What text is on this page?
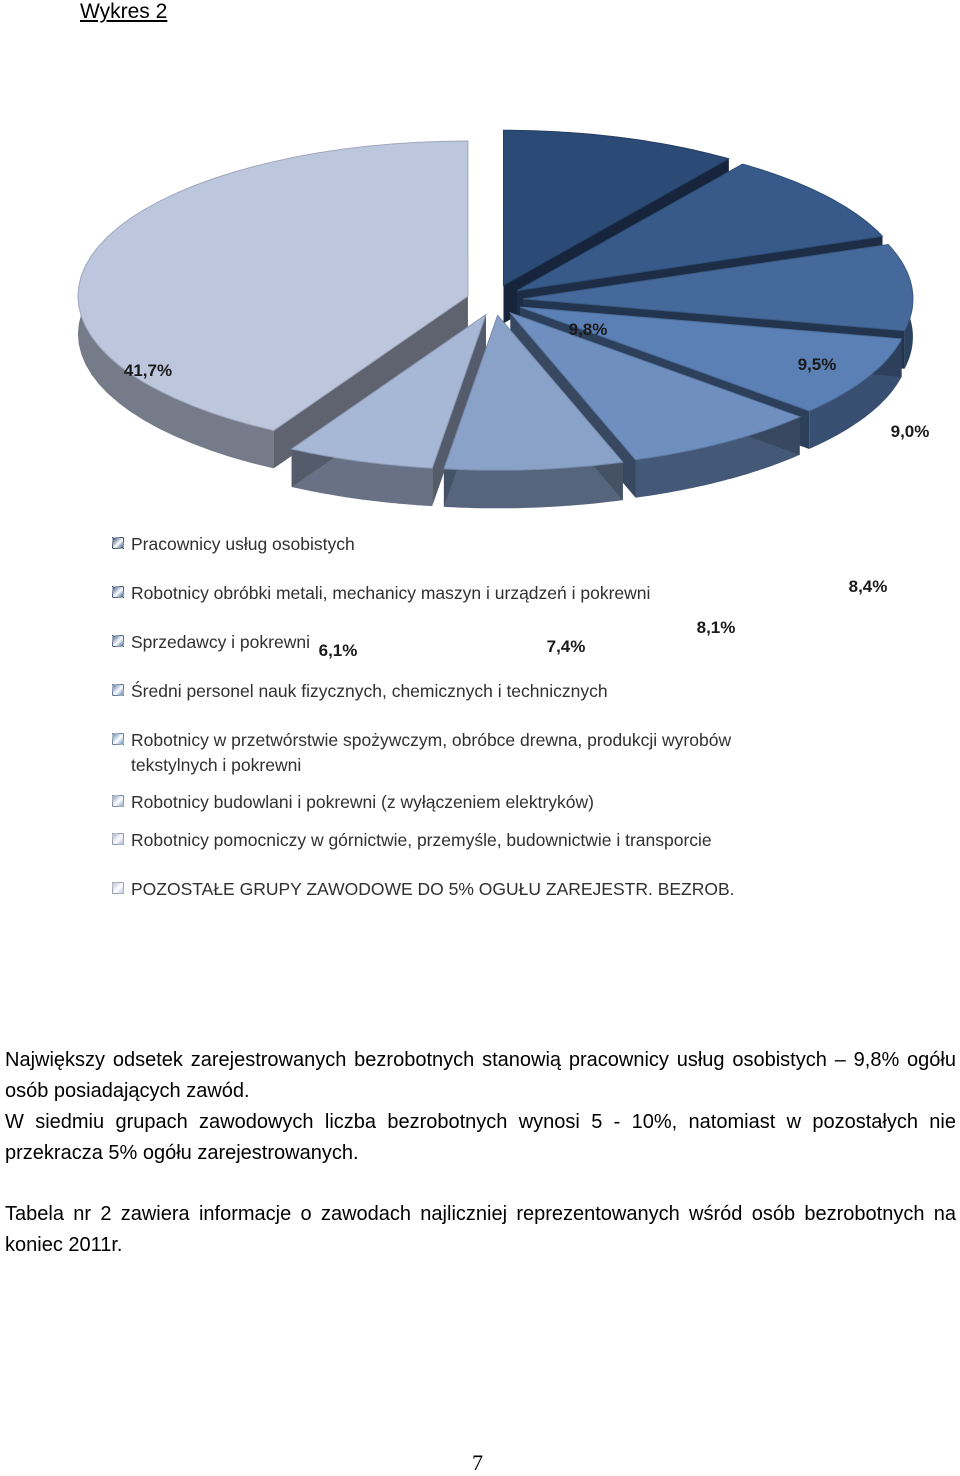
Wykres 2
9,8%
9,5%
9,0%
8,4%
8,1%
7,4%
6,1%
41,7%
Pracownicy usług osobistych
Robotnicy obróbki metali, mechanicy maszyn i urządzeń i pokrewni
Sprzedawcy i pokrewni
Średni personel nauk fizycznych, chemicznych i technicznych
Robotnicy w przetwórstwie spożywczym, obróbce drewna, produkcji wyrobów tekstylnych i pokrewni
Robotnicy budowlani i pokrewni (z wyłączeniem elektryków)
Robotnicy pomocniczy w górnictwie, przemyśle, budownictwie i transporcie
POZOSTAŁE GRUPY ZAWODOWE DO 5% OGUŁU ZAREJESTR. BEZROB.

Największy odsetek zarejestrowanych bezrobotnych stanowią pracownicy usług osobistych – 9,8% ogółu osób posiadających zawód.

W siedmiu grupach zawodowych liczba bezrobotnych wynosi 5 - 10%, natomiast w pozostałych nie przekracza 5% ogółu zarejestrowanych.

Tabela nr 2 zawiera informacje o zawodach najliczniej reprezentowanych wśród osób bezrobotnych na koniec 2011r.

7
